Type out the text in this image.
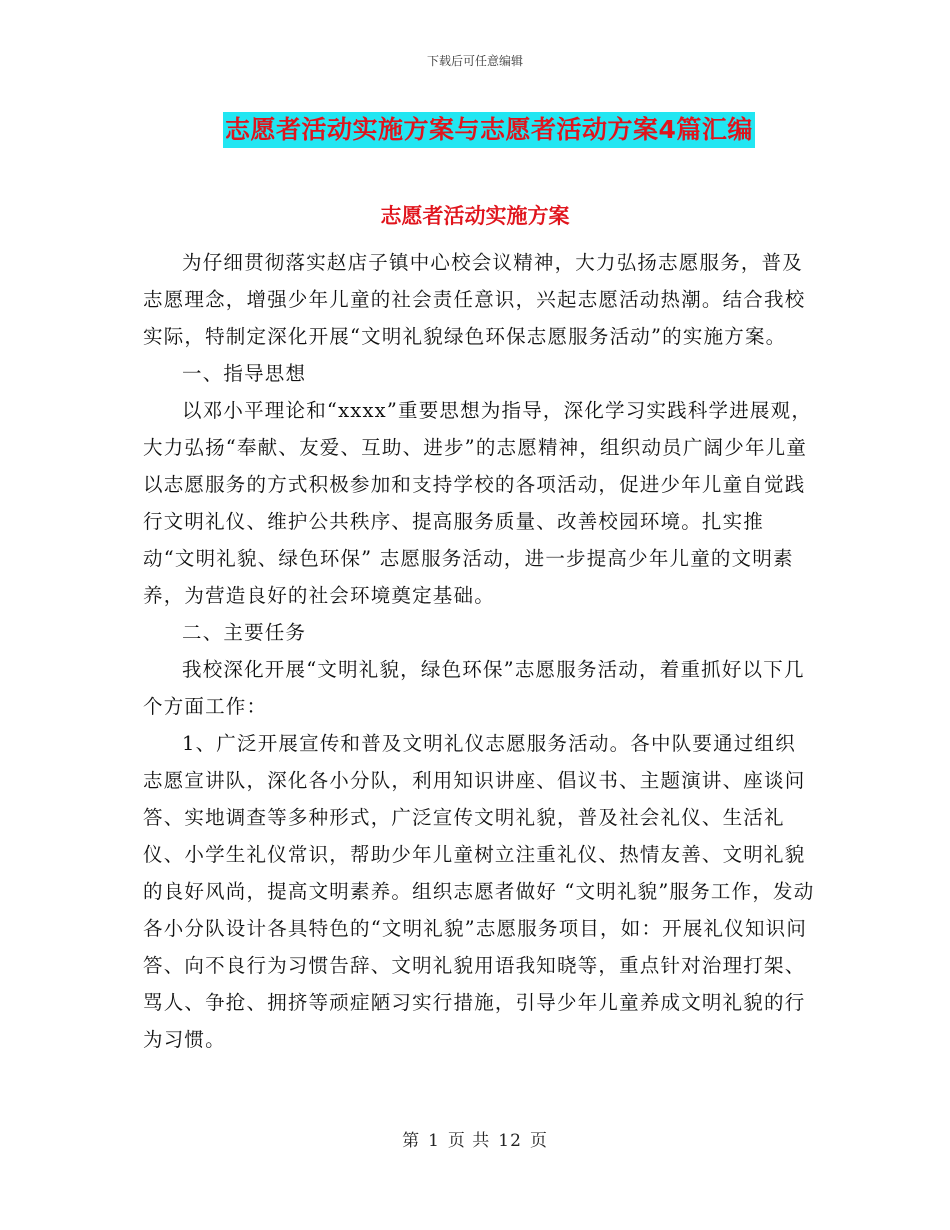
下载后可任意编辑
志愿者活动实施方案与志愿者活动方案4篇汇编
志愿者活动实施方案

为仔细贯彻落实赵店子镇中心校会议精神，大力弘扬志愿服务，普及志愿理念，增强少年儿童的社会责任意识，兴起志愿活动热潮。结合我校实际，特制定深化开展“文明礼貌绿色环保志愿服务活动”的实施方案。

一、指导思想

以邓小平理论和“xxxx”重要思想为指导，深化学习实践科学进展观，大力弘扬“奉献、友爱、互助、进步”的志愿精神，组织动员广阔少年儿童以志愿服务的方式积极参加和支持学校的各项活动，促进少年儿童自觉践行文明礼仪、维护公共秩序、提高服务质量、改善校园环境。扎实推动“文明礼貌、绿色环保” 志愿服务活动，进一步提高少年儿童的文明素养，为营造良好的社会环境奠定基础。

二、主要任务

我校深化开展“文明礼貌，绿色环保”志愿服务活动，着重抓好以下几个方面工作：

1、广泛开展宣传和普及文明礼仪志愿服务活动。各中队要通过组织志愿宣讲队，深化各小分队，利用知识讲座、倡议书、主题演讲、座谈问答、实地调查等多种形式，广泛宣传文明礼貌，普及社会礼仪、生活礼仪、小学生礼仪常识，帮助少年儿童树立注重礼仪、热情友善、文明礼貌的良好风尚，提高文明素养。组织志愿者做好 “文明礼貌”服务工作，发动各小分队设计各具特色的“文明礼貌”志愿服务项目，如：开展礼仪知识问答、向不良行为习惯告辞、文明礼貌用语我知晓等，重点针对治理打架、骂人、争抢、拥挤等顽症陋习实行措施，引导少年儿童养成文明礼貌的行为习惯。

第 1 页 共 12 页
